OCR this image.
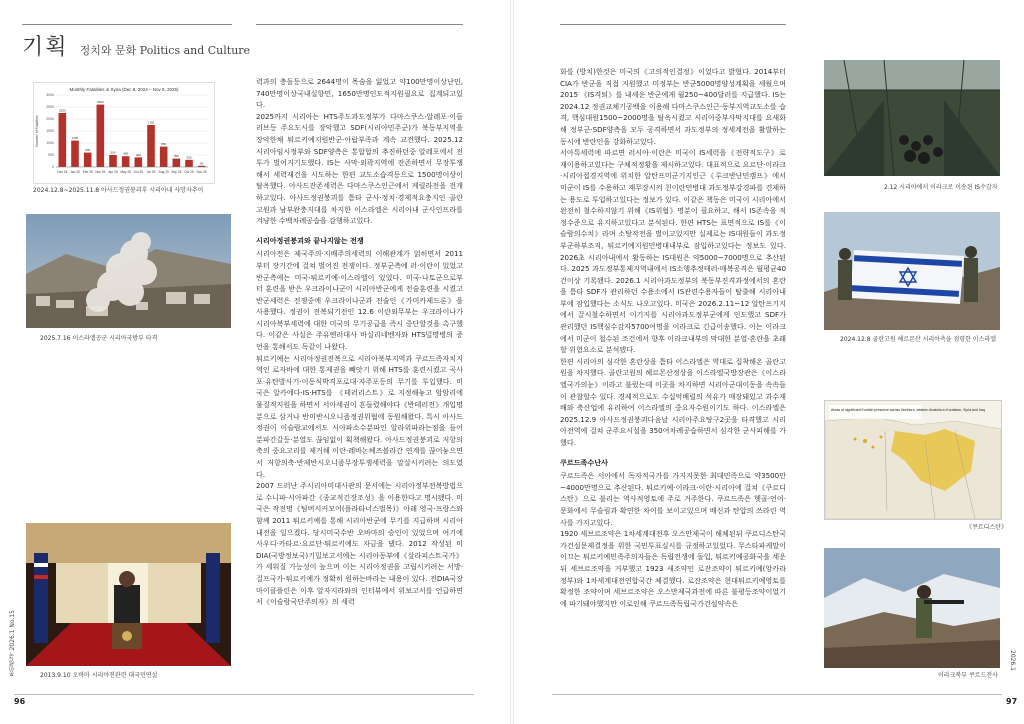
기획 정치와 문화 Politics and Culture
Monthly Fatalities in Syria (Dec 8, 2024 – Nov 8, 2025)
Number of Fatalities
0
500
1000
1500
2000
2500
3000
2250
Dec 24
1100
Jan 25
600
Feb 25
2600
Mar 25
500
Apr 25
450
May 25
400
Jun 25
1750
Jul 25
850
Aug 25
350
Sep 25
300
Oct 25
50
Nov 25
2024.12.8~2025.11.8 아사드정권붕괴후 시리아내 사망자추이
2025.7.16 이스라엘공군 시리아국방부 타격
2013.9.10 오바마 시리아전관련 대국민연설

력과의 충돌등으로 2644명이 목숨을 잃었고 약100만명이상난민, 740만명이상국내실향민, 1650만명인도적지원필요로 집계되고있다.

2025까지 시리아는 HTS주도과도정부가 다마스쿠스·알레포·이들리브등 주요도시를 장악했고 SDF(시리아민주군)가 북동부지역을 장악한채 튀르키예지원반군·아랍부족과 계속 교전했다. 2025.12 시리아임시정부와 SDF양측은 통합합의 추진하던중 알레포에서 전투가 벌어지기도했다. IS는 사막·외곽지역에 잔존하면서 무장투쟁해서 세력재건을 시도하는 한편 교도소습격등으로 1500명이상이 탈옥했다. 아사드잔존세력은 다마스쿠스인근에서 게릴라전을 전개하고있다. 아사드정권붕괴를 틈타 군사·정치·경제적요충지인 골란고원과 남부완충지대를 차지한 이스라엘은 시리아내 군사인프라를 겨냥한 수백차례공습을 감행하고있다.

시리아정권붕괴와 끝나지않는 전쟁

시리아전은 제국주의·지배주의세력의 이해관계가 얽히면서 2011부터 장기간에 걸쳐 벌어진 전쟁이다. 정부군측에 러·이란이 있었고 반군측에는 미국·튀르키예·이스라엘이 있었다. 미국·나토군으로부터 훈련을 받은 우크라이나군이 시리아반군에게 전술훈련을 시켰고 반군세력은 전쟁중에 우크라이나군과 전술인《가미카제드론》을 사용했다. 정권이 전복되기전인 12.6 이란외무부는 우크라이나가 시리아북부세력에 대한 미국의 무기공급을 즉시 중단할것을 촉구했다. 이같은 사실은 주유엔러대사 바실리네벤자와 HTS밀명병의 증언을 통해서도 독같이 나왔다.

튀르키예는 시리아정권전복으로 시리아북부지역과 쿠르드족자치지역인 로자바에 대한 통제권을 빼앗기 위해 HTS를 훈련시켰고 곡사포·유탄발사기·이동식박격포로대·자주포등의 무기를 투입했다. 미국은 알카에다·IS·HTS를 《테러리스트》로 지정해놓고 암암리에 물질적지원을 하면서 서아세권이 흔들렸해야다《반테러전》개입명분으로 삼거나 반미반시오니즘정권위협에 동원해왔다. 특시 아사드정권이 이슬람교에서도 시아파소수분파인 알라위파라는점을 들어 분파간갈등·분열도 끊임없이 획책해왔다. 아사드정권붕괴로 저항의축의 중요고리를 제거해 이란·레바논헤즈볼라간 연계를 끊어놓으면서 저항의축·반제반시오니즘무장투쟁세력을 말살시키려는 의도였다.

2007 드러난 주시리아미대사관의 문서에는 시리아정부전복방법으로 수니파·시아파간《종교적긴장조성》을 이용한다고 명시됐다. 미국은 작전명《팀버시커모어(플라타너스벌목)》아래 영국·프랑스와 함께 2011 튀르키예를 통해 시리아반군에 무기를 지급하며 시리아내전을 일으켰다. 당시미국수반 오바마의 승인이 있었으며 여기에 사우디·카타르·요르단·튀르키예도 자금을 댔다. 2012 작성된 미DIA(국방정보국)기밀보고서에는 시리아동부에《살라피스트국가》가 세워질 가능성이 높으며 이는 시리아정권을 고립시키려는 서방·걸프국가·튀르키예가 정확히 원하는바라는 내용이 있다. 전DIA국장 마이클플린은 이후 알자지라와의 인터뷰에서 위보고서를 언급하면서《이슬람국단주의자》의 세력

96
통일한국 2026.1 No.15

화를 (방치)한것은 미국의《고의적인결정》이었다고 밝혔다. 2014부터 CIA가 반군을 직접 지원했고 미정부는 반군5000명양성계획을 세웠으며 2015 《IS격퇴》를 내세운 반군에게 월250~400달러를 지급했다. IS는 2024.12 정권교체기공백을 이용해 다마스쿠스인근·동부지역교도소를 습격, 핵심대원1500~2000명을 탈옥시켰고 시리아중부사막지대를 요새화해 정부군·SDF양측을 모두 공격하면서 과도정부의 정세계전을 활발하는 동시에 반란인을 강화하고있다.

서아특세력에 따르면 러시아·이란은 미국이 IS세력을《전략적도구》로 재이용하고있다는 구체적정황을 제시하고있다. 대표적으로 요르단·이라크·시리아접경지역에 위치한 알탄프미군기지인근《루크반난민캠프》에서 미군이 IS를 수용하고 재무장시켜 친이란민병대 과도정부강경파를 견제하는 용도로 투입하고있다는 정보가 있다. 이같은 책동은 미국이 시리아에서 완전히 철수하지않기 위해《IS위협》명분이 필요하고, 해서 IS존속을 적정수준으로 유지하고있다고 분석된다. 한편 HTS는 표면적으로 IS를《이슬람의수치》라며 소탕작전을 벌이고있지만 실제로는 IS대원들이 과도정부군하부조직, 튀르키예지원민병대내부로 잠입하고있다는 정보도 있다. 2026초 시리아내에서 활동하는 IS대원은 약5000~7000명으로 추산된다. 2025 과도정부통제지역내에서 IS소행추정테러·매복공격은 월평균40건이상 기록됐다. 2026.1 시리아과도정부의 북동부진격과정에서의 혼란을 틈타 SDF가 관리하던 수용소에서 IS관련수용자들이 탈출해 시리아내부에 잠입했다는 소식도 나오고있다. 미국은 2026.2.11~12 알탄프기지에서 끌시철수하면서 이기지를 시리아과도정부군에게 인도했고 SDF가 관리했던 IS핵심수감자5700여명을 이라크로 긴급이송했다. 이는 이라크에서 미군이 철수된 조건에서 향후 이라크내부의 막대한 분열·혼란을 초래할 위험요소로 분석됐다.

한편 시리아의 심각한 혼란상을 틈타 이스라엘은 역대로 집착해온 골란고원을 차지했다. 골란고원의 헤르몬산정상을 이스라엘국방장관은《이스라엘국가의눈》이라고 불렀는데 이곳을 차지하면 시리아군대이동을 속속들이 관찰할수 있다. 경제적으로도 수십억배럴의 석유가 매장돼있고 과수재배와 축산업에 유리하여 이스라엘의 중요자수원이기도 하다. 이스라엘은 2025.12.9 아사드정권붕괴다음날 시리아주요탕구2곳을 타격했고 시리아전역에 걸쳐 군주요시설을 350여차례공습하면서 심각한 군사피해를 가했다.

쿠르드족수난사

쿠르드족은 서아에서 독자적국가를 가지지못한 최대민족으로 약3500만~4000만명으로 추산된다. 튀르키예·이라크·이란·시리아에 걸쳐《쿠르디스탄》으로 불리는 역사적영토에 주로 거주한다. 쿠르드족은 헷골·언어·문화에서 무슬림과 확연한 차이를 보이고있으며 배신과 탄압의 쓰라린 역사를 가지고있다.

1920 세브르조약은 1차세계대전후 오스만제국이 해체된뒤 쿠르디스탄국가건설문제결정을 위한 국민투표실시를 규정하고있었다. 무스타파케말이 이끄는 튀르키예민족주의자들은 독립전쟁에 돌입, 튀르키예공화국을 세운뒤 세브르조약을 거부했고 1923 새조약인 로잔조약이 튀르키예(앙카라정부)와 1차세계대전연합국간 체결했다. 로잔조약은 현대튀르키예영토를 확정한 조약이며 세브르조약은 오스만제국과전에 따른 불평등조약이었기에 파기돼야했지만 이로인해 쿠르드족독립국가건설약속은

2.12 시리아에서 이라크로 이송된 IS수감자
2024.12.8 골란고원 헤르몬산 시리아측을 점령한 이스라엘
Areas of significant Kurdish presence across Northern, eastern Anatolia in Kurdistan, Syria and Iraq
《쿠르디스탄》
이라크북부 쿠르드전사
97
2026.1
